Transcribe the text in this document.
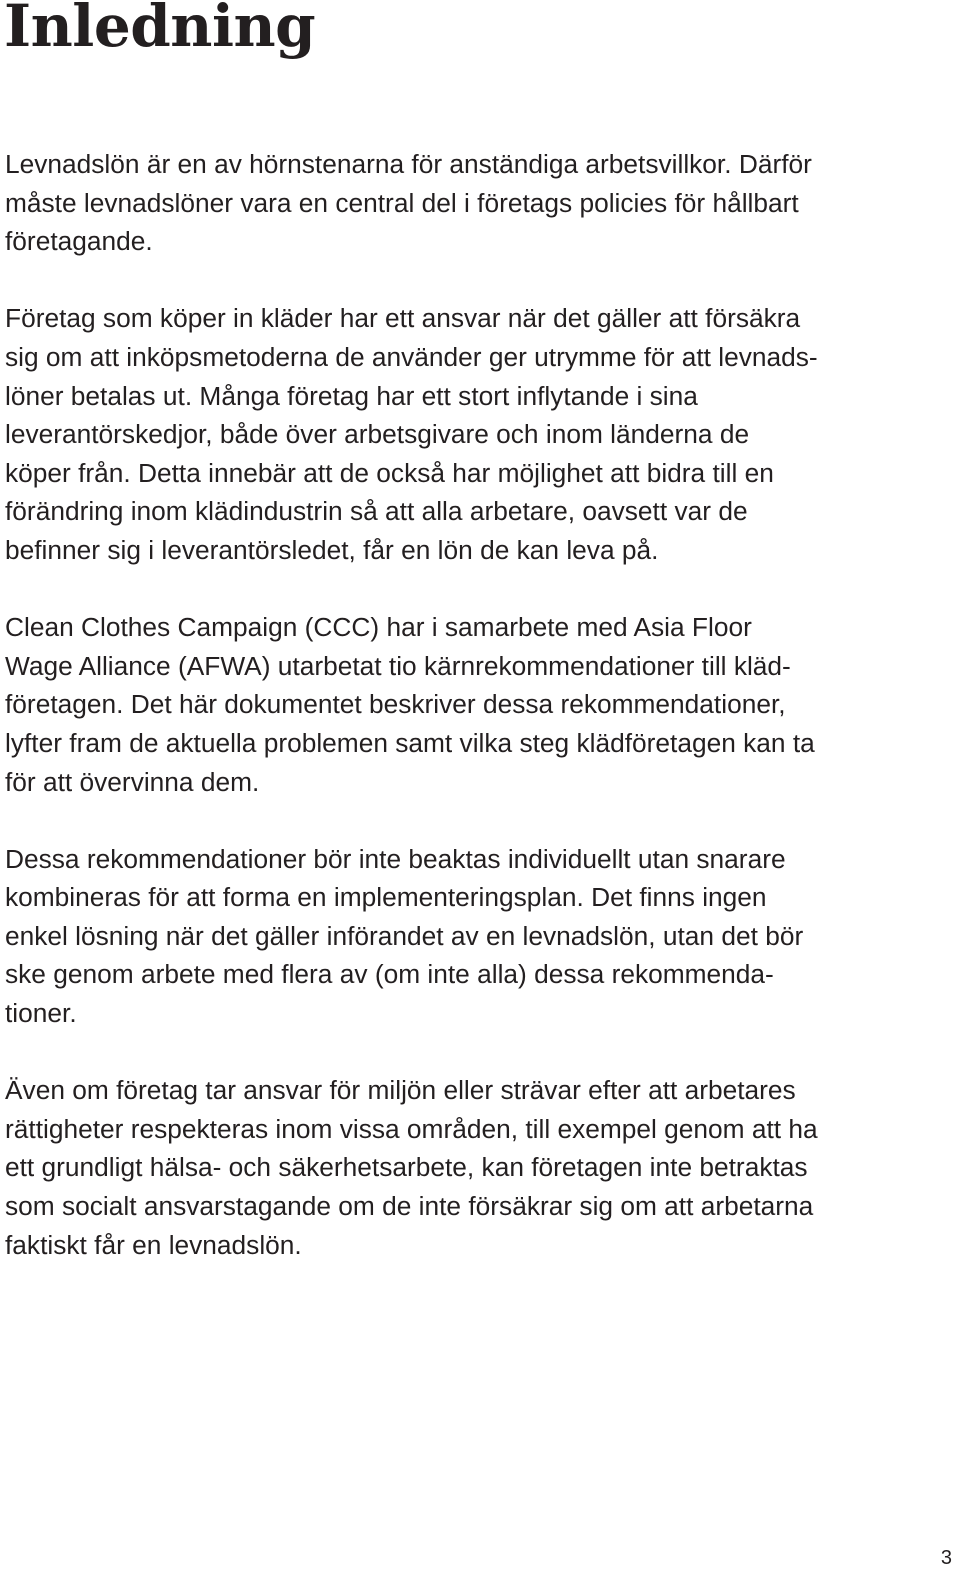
Inledning

Levnadslön är en av hörnstenarna för anständiga arbetsvillkor. Därför
måste levnadslöner vara en central del i företags policies för hållbart
företagande.

Företag som köper in kläder har ett ansvar när det gäller att försäkra
sig om att inköpsmetoderna de använder ger utrymme för att levnads-
löner betalas ut. Många företag har ett stort inflytande i sina
leverantörskedjor, både över arbetsgivare och inom länderna de
köper från. Detta innebär att de också har möjlighet att bidra till en
förändring inom klädindustrin så att alla arbetare, oavsett var de
befinner sig i leverantörsledet, får en lön de kan leva på.

Clean Clothes Campaign (CCC) har i samarbete med Asia Floor
Wage Alliance (AFWA) utarbetat tio kärnrekommendationer till kläd-
företagen. Det här dokumentet beskriver dessa rekommendationer,
lyfter fram de aktuella problemen samt vilka steg klädföretagen kan ta
för att övervinna dem.

Dessa rekommendationer bör inte beaktas individuellt utan snarare
kombineras för att forma en implementeringsplan. Det finns ingen
enkel lösning när det gäller införandet av en levnadslön, utan det bör
ske genom arbete med flera av (om inte alla) dessa rekommenda-
tioner.

Även om företag tar ansvar för miljön eller strävar efter att arbetares
rättigheter respekteras inom vissa områden, till exempel genom att ha
ett grundligt hälsa- och säkerhetsarbete, kan företagen inte betraktas
som socialt ansvarstagande om de inte försäkrar sig om att arbetarna
faktiskt får en levnadslön.

3
